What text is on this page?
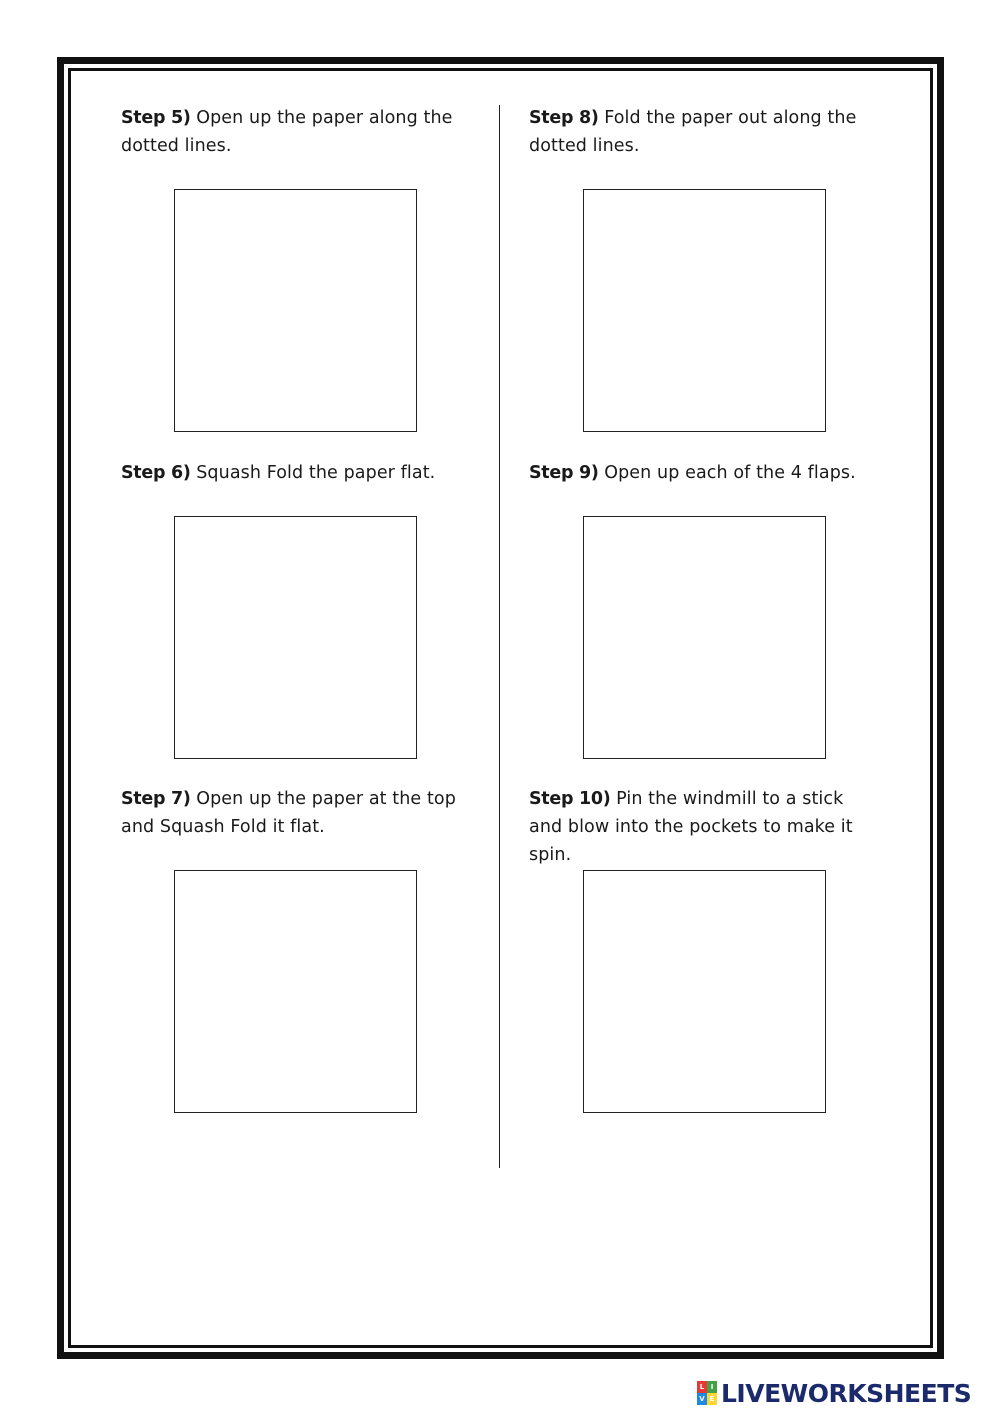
Step 5) Open up the paper along the dotted lines.
Step 6) Squash Fold the paper flat.
Step 7) Open up the paper at the top and Squash Fold it flat.
Step 8) Fold the paper out along the dotted lines.
Step 9) Open up each of the 4 flaps.
Step 10) Pin the windmill to a stick and blow into the pockets to make it spin.
L I
V E LIVEWORKSHEETS
